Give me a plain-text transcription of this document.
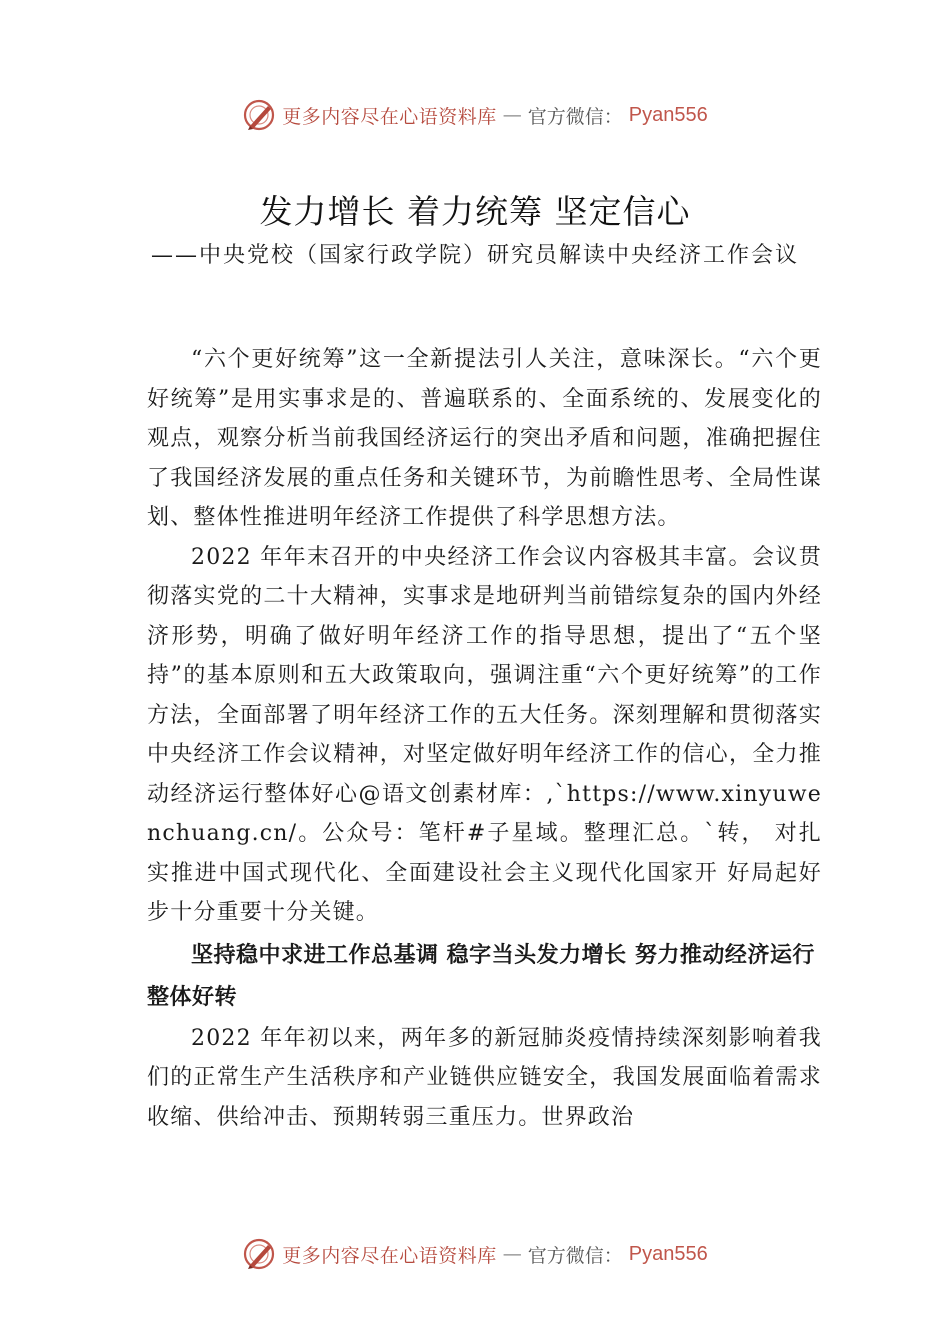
更多内容尽在心语资料库 — 官方微信： Pyan556
发力增长 着力统筹 坚定信心

——中央党校（国家行政学院）研究员解读中央经济工作会议

“六个更好统筹”这一全新提法引人关注，意味深长。“六个更好统筹”是用实事求是的、普遍联系的、全面系统的、发展变化的观点，观察分析当前我国经济运行的突出矛盾和问题，准确把握住了我国经济发展的重点任务和关键环节，为前瞻性思考、全局性谋划、整体性推进明年经济工作提供了科学思想方法。

2022 年年末召开的中央经济工作会议内容极其丰富。会议贯彻落实党的二十大精神，实事求是地研判当前错综复杂的国内外经济形势，明确了做好明年经济工作的指导思想，提出了“五个坚持”的基本原则和五大政策取向，强调注重“六个更好统筹”的工作方法，全面部署了明年经济工作的五大任务。深刻理解和贯彻落实中央经济工作会议精神，对坚定做好明年经济工作的信心，全力推动经济运行整体好心@语文创素材库：,`https://www.xinyuwenchuang.cn/。公众号：笔杆#子星域。整理汇总。`转， 对扎实推进中国式现代化、全面建设社会主义现代化国家开 好局起好步十分重要十分关键。

坚持稳中求进工作总基调 稳字当头发力增长 努力推动经济运行整体好转

2022 年年初以来，两年多的新冠肺炎疫情持续深刻影响着我们的正常生产生活秩序和产业链供应链安全，我国发展面临着需求收缩、供给冲击、预期转弱三重压力。世界政治

更多内容尽在心语资料库 — 官方微信： Pyan556
